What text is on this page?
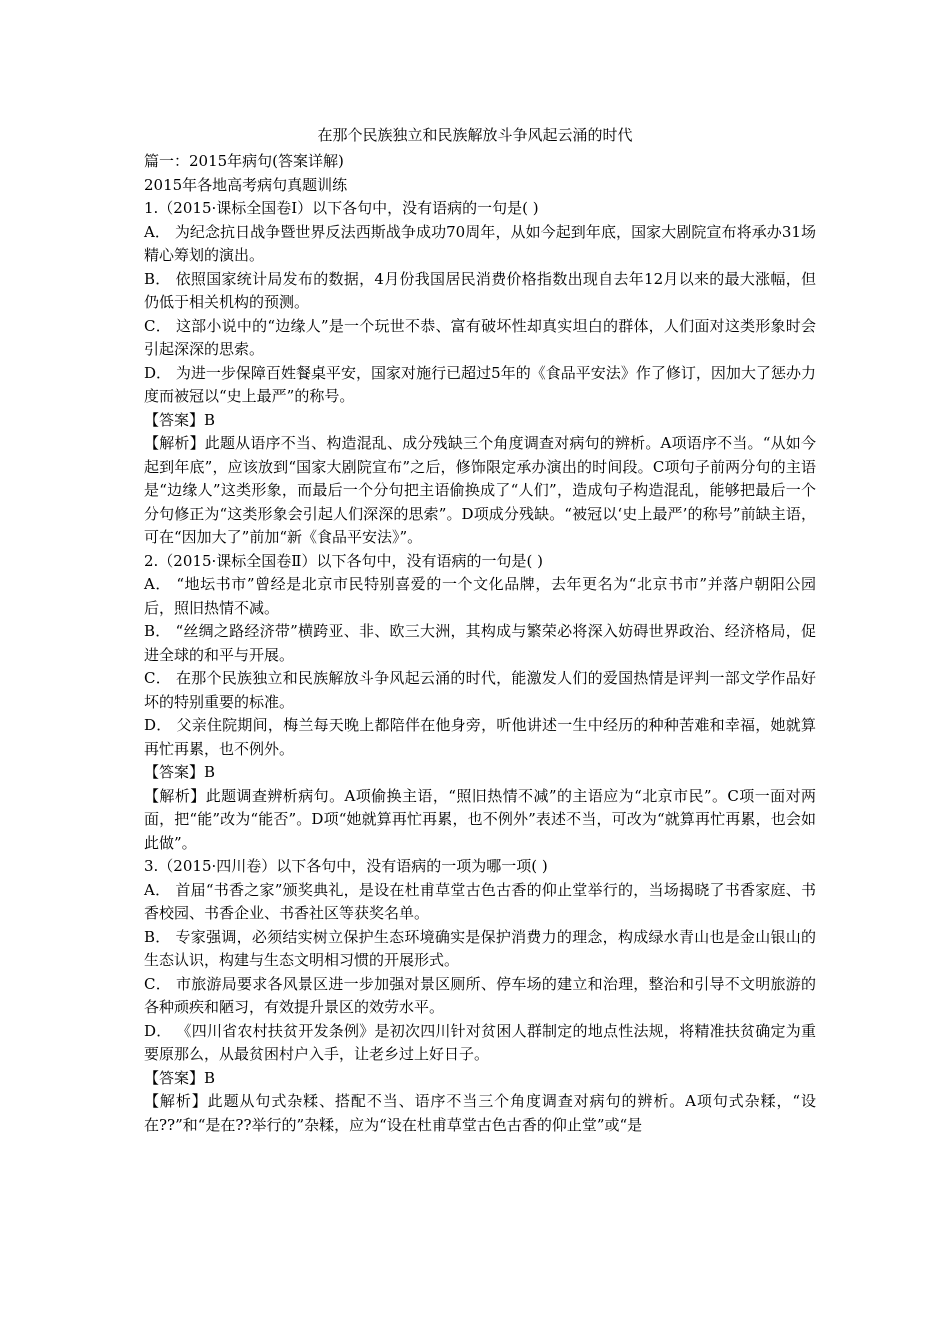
在那个民族独立和民族解放斗争风起云涌的时代

篇一：2015年病句(答案详解)

2015年各地高考病句真题训练

1.（2015·课标全国卷Ⅰ）以下各句中，没有语病的一句是( )

A． 为纪念抗日战争暨世界反法西斯战争成功70周年，从如今起到年底，国家大剧院宣布将承办31场精心筹划的演出。

B． 依照国家统计局发布的数据，4月份我国居民消费价格指数出现自去年12月以来的最大涨幅，但仍低于相关机构的预测。

C． 这部小说中的“边缘人”是一个玩世不恭、富有破坏性却真实坦白的群体，人们面对这类形象时会引起深深的思索。

D． 为进一步保障百姓餐桌平安，国家对施行已超过5年的《食品平安法》作了修订，因加大了惩办力度而被冠以“史上最严”的称号。

【答案】B

【解析】此题从语序不当、构造混乱、成分残缺三个角度调查对病句的辨析。A项语序不当。“从如今起到年底”，应该放到“国家大剧院宣布”之后，修饰限定承办演出的时间段。C项句子前两分句的主语是“边缘人”这类形象，而最后一个分句把主语偷换成了“人们”，造成句子构造混乱，能够把最后一个分句修正为“这类形象会引起人们深深的思索”。D项成分残缺。“被冠以‘史上最严’的称号”前缺主语，可在“因加大了”前加“新《食品平安法》”。

2.（2015·课标全国卷Ⅱ）以下各句中，没有语病的一句是( )

A． “地坛书市”曾经是北京市民特别喜爱的一个文化品牌，去年更名为“北京书市”并落户朝阳公园后，照旧热情不减。

B． “丝绸之路经济带”横跨亚、非、欧三大洲，其构成与繁荣必将深入妨碍世界政治、经济格局，促进全球的和平与开展。

C． 在那个民族独立和民族解放斗争风起云涌的时代，能激发人们的爱国热情是评判一部文学作品好坏的特别重要的标准。

D． 父亲住院期间，梅兰每天晚上都陪伴在他身旁，听他讲述一生中经历的种种苦难和幸福，她就算再忙再累，也不例外。

【答案】B

【解析】此题调查辨析病句。A项偷换主语，“照旧热情不减”的主语应为“北京市民”。C项一面对两面，把“能”改为“能否”。D项“她就算再忙再累，也不例外”表述不当，可改为“就算再忙再累，也会如此做”。

3.（2015·四川卷）以下各句中，没有语病的一项为哪一项( )

A． 首届“书香之家”颁奖典礼，是设在杜甫草堂古色古香的仰止堂举行的，当场揭晓了书香家庭、书香校园、书香企业、书香社区等获奖名单。

B． 专家强调，必须结实树立保护生态环境确实是保护消费力的理念，构成绿水青山也是金山银山的生态认识，构建与生态文明相习惯的开展形式。

C． 市旅游局要求各风景区进一步加强对景区厕所、停车场的建立和治理，整治和引导不文明旅游的各种顽疾和陋习，有效提升景区的效劳水平。

D． 《四川省农村扶贫开发条例》是初次四川针对贫困人群制定的地点性法规，将精准扶贫确定为重要原那么，从最贫困村户入手，让老乡过上好日子。

【答案】B

【解析】此题从句式杂糅、搭配不当、语序不当三个角度调查对病句的辨析。A项句式杂糅，“设在??”和“是在??举行的”杂糅，应为“设在杜甫草堂古色古香的仰止堂”或“是
